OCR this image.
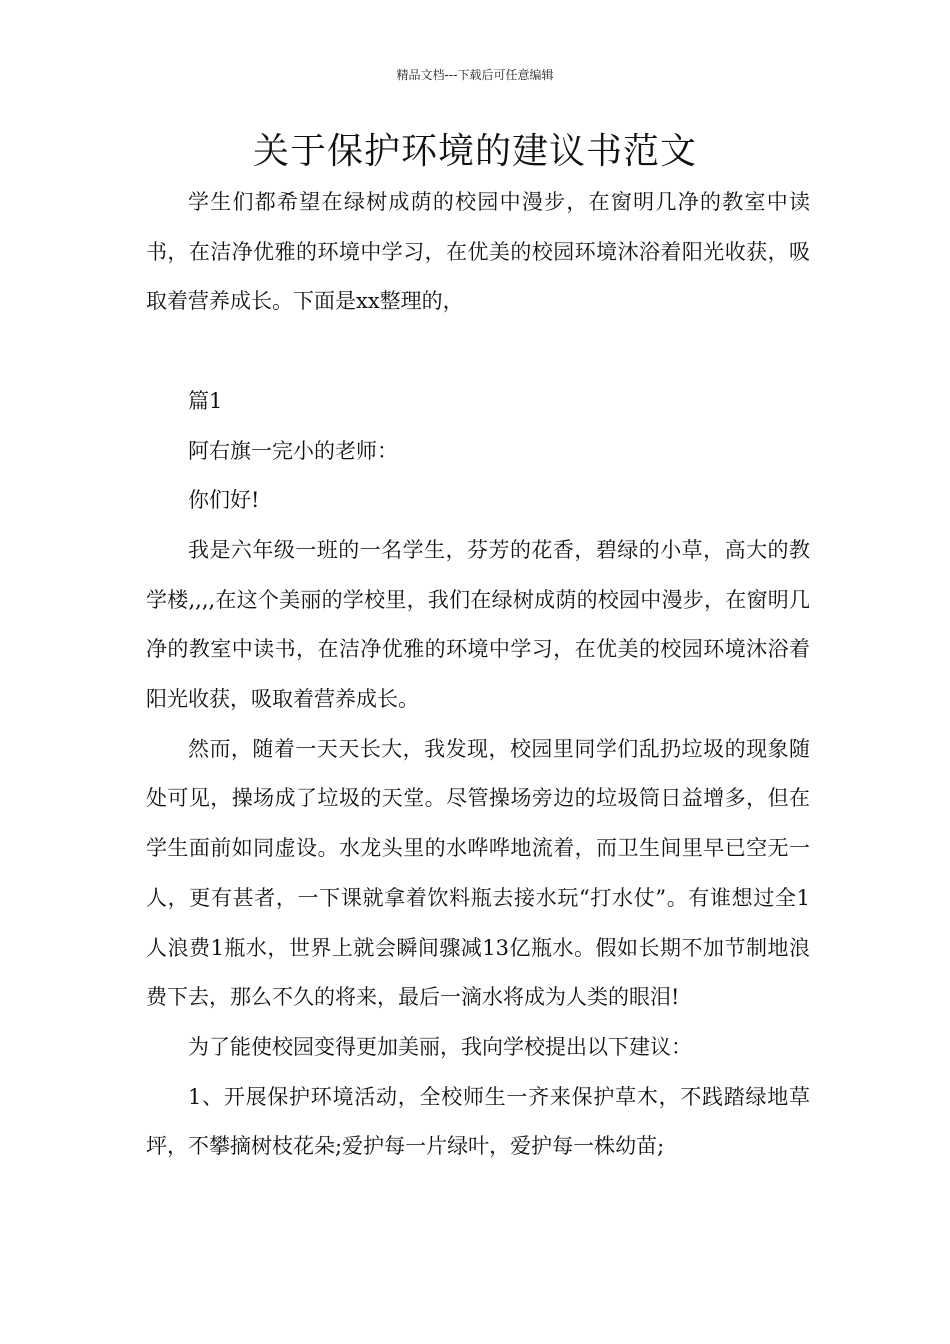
精品文档---下载后可任意编辑
关于保护环境的建议书范文

学生们都希望在绿树成荫的校园中漫步，在窗明几净的教室中读书，在洁净优雅的环境中学习，在优美的校园环境沐浴着阳光收获，吸取着营养成长。下面是xx整理的，

篇1

阿右旗一完小的老师：

你们好!

我是六年级一班的一名学生，芬芳的花香，碧绿的小草，高大的教学楼,,,,在这个美丽的学校里，我们在绿树成荫的校园中漫步，在窗明几净的教室中读书，在洁净优雅的环境中学习，在优美的校园环境沐浴着阳光收获，吸取着营养成长。

然而，随着一天天长大，我发现，校园里同学们乱扔垃圾的现象随处可见，操场成了垃圾的天堂。尽管操场旁边的垃圾筒日益增多，但在学生面前如同虚设。水龙头里的水哗哗地流着，而卫生间里早已空无一人，更有甚者，一下课就拿着饮料瓶去接水玩“打水仗”。有谁想过全1人浪费1瓶水，世界上就会瞬间骤减13亿瓶水。假如长期不加节制地浪费下去，那么不久的将来，最后一滴水将成为人类的眼泪!

为了能使校园变得更加美丽，我向学校提出以下建议：

1、开展保护环境活动，全校师生一齐来保护草木，不践踏绿地草坪，不攀摘树枝花朵;爱护每一片绿叶，爱护每一株幼苗;
